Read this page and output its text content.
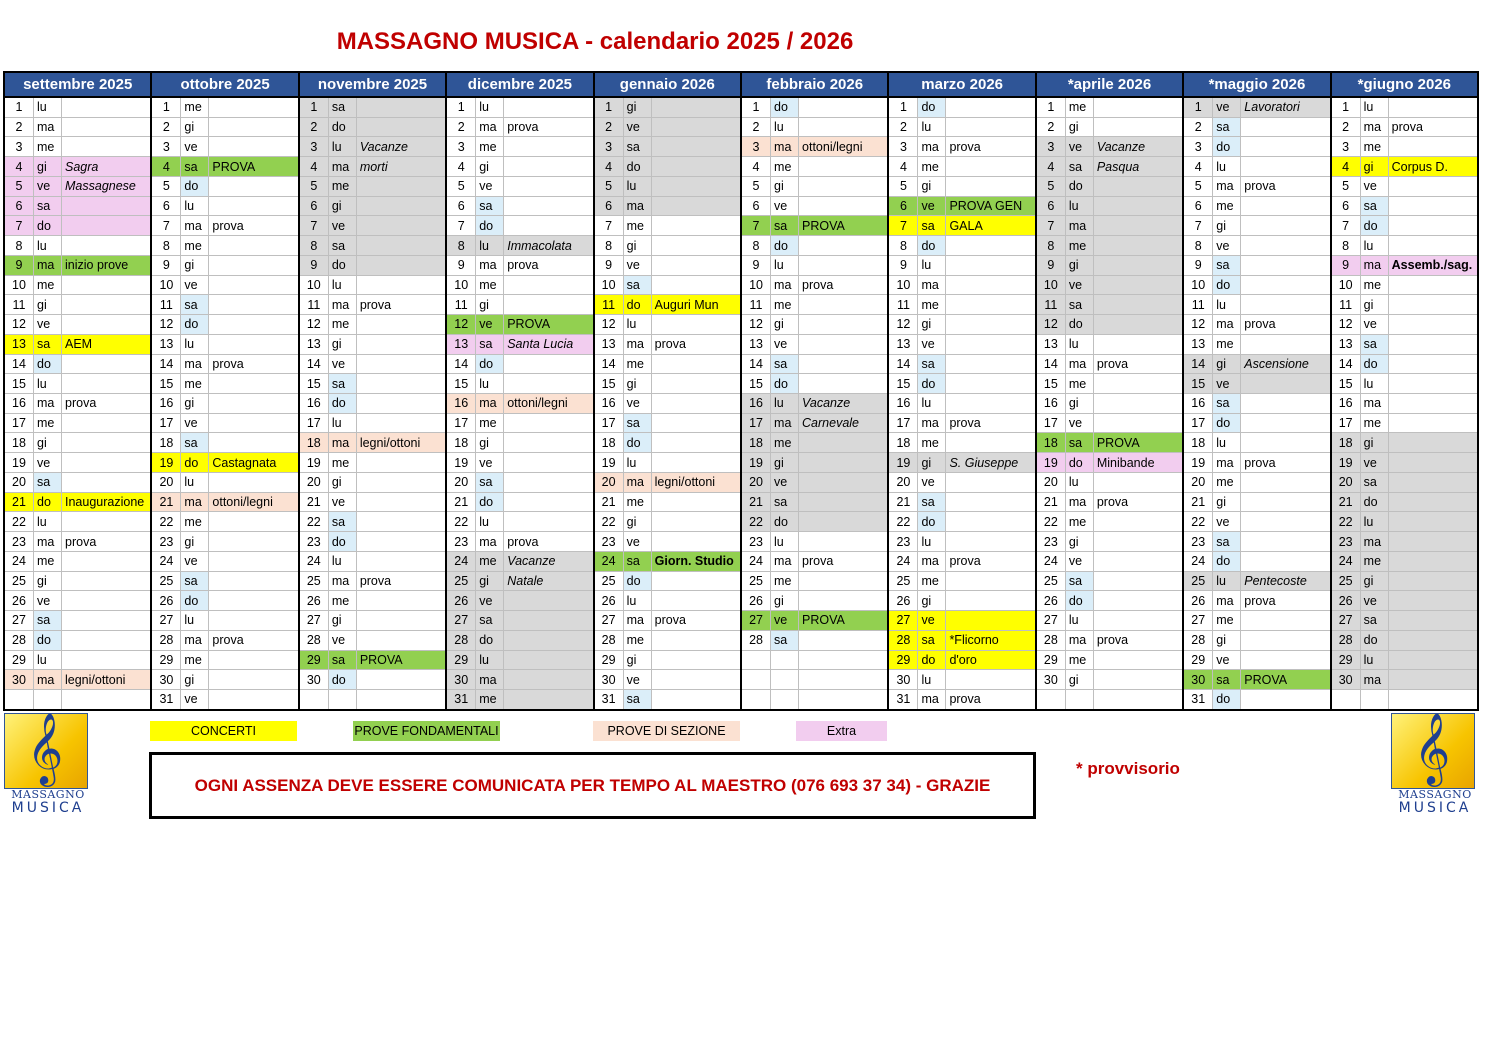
MASSAGNO MUSICA - calendario 2025 / 2026
settembre 2025
1	lu
2	ma
3	me
4	gi	Sagra
5	ve	Massagnese
6	sa
7	do
8	lu
9	ma inizio prove
10 me
11 gi
12 ve
13 sa	AEM
14 do
15 lu
16 ma prova
17 me
18 gi
19 ve
20 sa
21 do	Inaugurazione
22 lu
23 ma prova
24 me
25 gi
26 ve
27 sa
28 do
29 lu
30 ma legni/ottoni
ottobre 2025
1	me
2	gi
3	ve
4	sa	PROVA
5	do
6	lu
7	ma prova
8	me
9	gi
10 ve
11 sa
12 do
13 lu
14 ma prova
15 me
16 gi
17 ve
18 sa
19 do	Castagnata
20 lu
21 ma ottoni/legni
22 me
23 gi
24 ve
25 sa
26 do
27 lu
28 ma prova
29 me
30 gi
31 ve
novembre 2025
1	sa
2	do
3	lu	Vacanze
4	ma morti
5	me
6	gi
7	ve
8	sa
9	do
10 lu
11 ma prova
12 me
13 gi
14 ve
15 sa
16 do
17 lu
18 ma legni/ottoni
19 me
20 gi
21 ve
22 sa
23 do
24 lu
25 ma prova
26 me
27 gi
28 ve
29 sa	PROVA
30 do
dicembre 2025
1	lu
2	ma prova
3	me
4	gi
5	ve
6	sa
7	do
8	lu	Immacolata
9	ma prova
10 me
11 gi
12 ve	PROVA
13 sa	Santa Lucia
14 do
15 lu
16 ma ottoni/legni
17 me
18 gi
19 ve
20 sa
21 do
22 lu
23 ma prova
24 me Vacanze
25 gi	Natale
26 ve
27 sa
28 do
29 lu
30 ma
31 me
gennaio 2026
1	gi
2	ve
3	sa
4	do
5	lu
6	ma
7	me
8	gi
9	ve
10 sa
11 do	Auguri Mun
12 lu
13 ma prova
14 me
15 gi
16 ve
17 sa
18 do
19 lu
20 ma legni/ottoni
21 me
22 gi
23 ve
24 sa	Giorn. Studio
25 do
26 lu
27 ma prova
28 me
29 gi
30 ve
31 sa
febbraio 2026
1	do
2	lu
3	ma ottoni/legni
4	me
5	gi
6	ve
7	sa	PROVA
8	do
9	lu
10 ma prova
11 me
12 gi
13 ve
14 sa
15 do
16 lu	Vacanze
17 ma Carnevale
18 me
19 gi
20 ve
21 sa
22 do
23 lu
24 ma prova
25 me
26 gi
27 ve	PROVA
28 sa
marzo 2026
1	do
2	lu
3	ma prova
4	me
5	gi
6	ve	PROVA GEN
7	sa	GALA
8	do
9	lu
10 ma
11 me
12 gi
13 ve
14 sa
15 do
16 lu
17 ma prova
18 me
19 gi	S. Giuseppe
20 ve
21 sa
22 do
23 lu
24 ma prova
25 me
26 gi
27 ve
28 sa	*Flicorno
29 do	d'oro
30 lu
31 ma prova
*aprile 2026
1	me
2	gi
3	ve	Vacanze
4	sa	Pasqua
5	do
6	lu
7	ma
8	me
9	gi
10 ve
11 sa
12 do
13 lu
14 ma prova
15 me
16 gi
17 ve
18 sa	PROVA
19 do	Minibande
20 lu
21 ma prova
22 me
23 gi
24 ve
25 sa
26 do
27 lu
28 ma prova
29 me
30 gi
*maggio 2026
1	ve	Lavoratori
2	sa
3	do
4	lu
5	ma prova
6	me
7	gi
8	ve
9	sa
10 do
11 lu
12 ma prova
13 me
14 gi	Ascensione
15 ve
16 sa
17 do
18 lu
19 ma prova
20 me
21 gi
22 ve
23 sa
24 do
25 lu	Pentecoste
26 ma prova
27 me
28 gi
29 ve
30 sa	PROVA
31 do
*giugno 2026
1	lu
2	ma prova
3	me
4	gi	Corpus D.
5	ve
6	sa
7	do
8	lu
9	ma Assemb./sag.
10 me
11 gi
12 ve
13 sa
14 do
15 lu
16 ma
17 me
18 gi
19 ve
20 sa
21 do
22 lu
23 ma
24 me
25 gi
26 ve
27 sa
28 do
29 lu
30 ma
𝄞
MASSAGNO
MUSICA
𝄞
MASSAGNO
MUSICA
CONCERTI	PROVE FONDAMENTALI	PROVE DI SEZIONE	Extra
OGNI ASSENZA DEVE ESSERE COMUNICATA PER TEMPO AL MAESTRO (076 693 37 34) - GRAZIE
* provvisorio
